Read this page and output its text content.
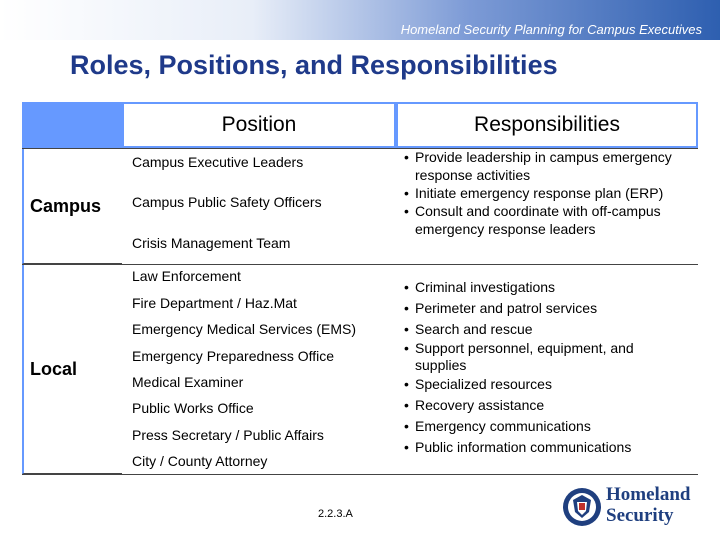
Homeland Security Planning for Campus Executives
Roles, Positions, and Responsibilities
Position	Responsibilities
Campus
Local
Campus Executive Leaders
Campus Public Safety Officers
Crisis Management Team
• Provide leadership in campus emergency response activities
• Initiate emergency response plan (ERP)
• Consult and coordinate with off-campus emergency response leaders
Law Enforcement
Fire Department / Haz.Mat
Emergency Medical Services (EMS)
Emergency Preparedness Office
Medical Examiner
Public Works Office
Press Secretary / Public Affairs
City / County Attorney
• Criminal investigations
• Perimeter and patrol services
• Search and rescue
• Support personnel, equipment, and supplies
• Specialized resources
• Recovery assistance
• Emergency communications
• Public information communications
2.2.3.A
Homeland
Security
